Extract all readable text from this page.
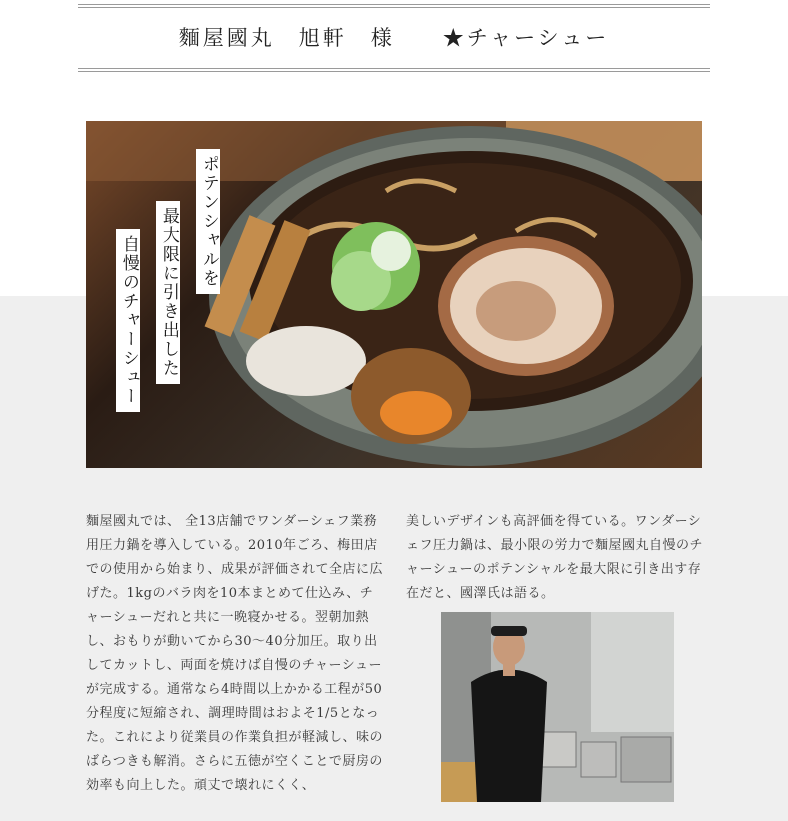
麵屋國丸　旭軒　様　　★チャーシュー
ポテンシャルを
最大限に引き出した
自慢のチャーシュー
麵屋國丸では、 全13店舗でワンダーシェフ業務用圧力鍋を導入している。2010年ごろ、梅田店での使用から始まり、成果が評価されて全店に広げた。1kgのバラ肉を10本まとめて仕込み、チャーシューだれと共に一晩寝かせる。翌朝加熱し、おもりが動いてから30〜40分加圧。取り出してカットし、両面を焼けば自慢のチャーシューが完成する。通常なら4時間以上かかる工程が50分程度に短縮され、調理時間はおよそ1/5となった。これにより従業員の作業負担が軽減し、味のばらつきも解消。さらに五徳が空くことで厨房の効率も向上した。頑丈で壊れにくく、
美しいデザインも高評価を得ている。ワンダーシェフ圧力鍋は、最小限の労力で麵屋國丸自慢のチャーシューのポテンシャルを最大限に引き出す存在だと、國澤氏は語る。
